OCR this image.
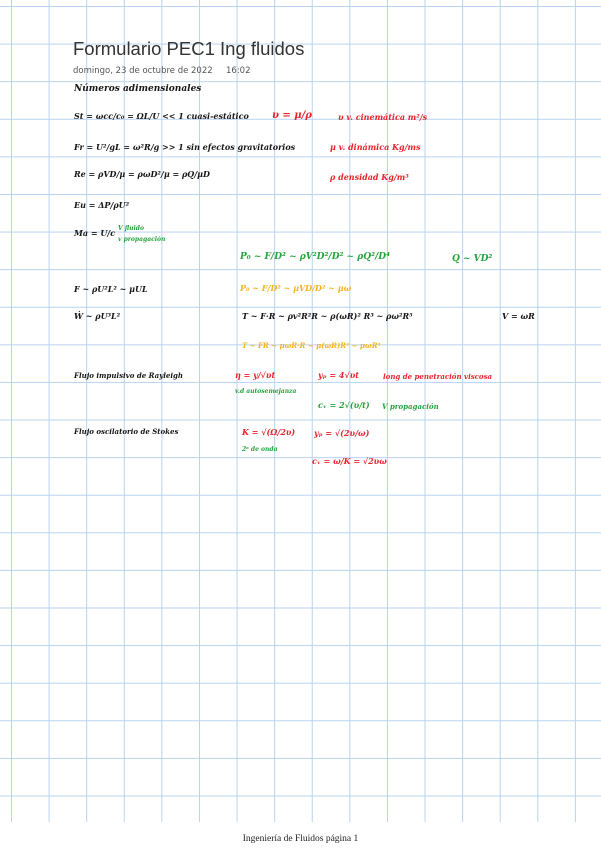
Formulario PEC1 Ing fluidos
domingo, 23 de octubre de 2022 16:02
Números adimensionales
St = ωcc/c₀ = ΩL/U << 1 cuasi-estático υ = μ/ρ	υ v. cinemática m²/s
Fr = U²/gL = ω²R/g >> 1 sin efectos gravitatorios	μ v. dinámica Kg/ms
Re = ρVD/μ = ρωD²/μ = ρQ/μD	ρ densidad Kg/m³
Eu = ΔP/ρU²
Ma = U/c V fluido
v propagación
P₀ ~ F/D² ~ ρV²D²/D² ~ ρQ²/D⁴	Q ~ VD²
F ~ ρU²L² ~ μUL	P₀ ~ F/D² ~ μVD/D² ~ μω
Ẇ ~ ρU³L²	T ~ F·R ~ ρv²R²R ~ ρ(ωR)² R³ ~ ρω²R⁵	V = ωR
T ~ FR ~ μωR·R ~ μ(ωR)R² ~ μωR³
Flujo impulsivo de Rayleigh	η = y/√υt
v.d autosemejanza
yₚ = 4√υt	long de penetración viscosa
cᵥ = 2√(υ/t) V propagación
Flujo oscilatorio de Stokes	K = √(Ω/2υ)
2ᵉ de onda
yₚ = √(2υ/ω)
cᵥ = ω/K = √2υω
Ingeniería de Fluidos página 1
